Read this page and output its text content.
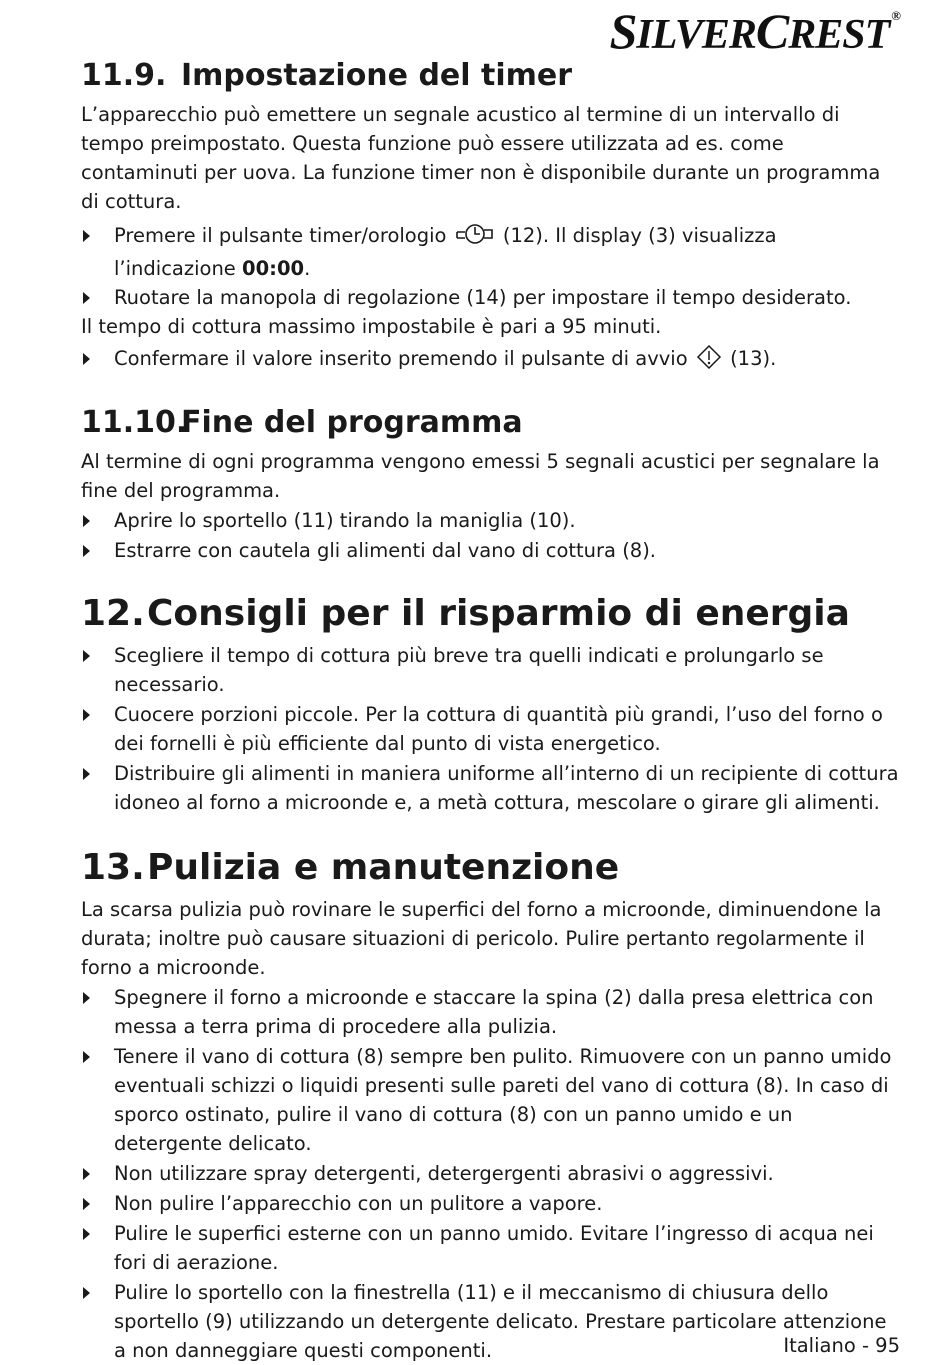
SILVERCREST ®
11.9. Impostazione del timer

L’apparecchio può emettere un segnale acustico al termine di un intervallo di tempo preimpostato. Questa funzione può essere utilizzata ad es. come contaminuti per uova. La funzione timer non è disponibile durante un programma di cottura.

Premere il pulsante timer/orologio	(12). Il display (3) visualizza l’indicazione 00:00.
Ruotare la manopola di regolazione (14) per impostare il tempo desiderato.

Il tempo di cottura massimo impostabile è pari a 95 minuti.

Confermare il valore inserito premendo il pulsante di avvio (13).
11.10.Fine del programma

Al termine di ogni programma vengono emessi 5 segnali acustici per segnalare la fine del programma.

Aprire lo sportello (11) tirando la maniglia (10).
Estrarre con cautela gli alimenti dal vano di cottura (8).
12.Consigli per il risparmio di energia
Scegliere il tempo di cottura più breve tra quelli indicati e prolungarlo se necessario.
Cuocere porzioni piccole. Per la cottura di quantità più grandi, l’uso del forno o dei fornelli è più efficiente dal punto di vista energetico.
Distribuire gli alimenti in maniera uniforme all’interno di un recipiente di cottura idoneo al forno a microonde e, a metà cottura, mescolare o girare gli alimenti.
13.Pulizia e manutenzione

La scarsa pulizia può rovinare le superfici del forno a microonde, diminuendone la durata; inoltre può causare situazioni di pericolo. Pulire pertanto regolarmente il forno a microonde.

Spegnere il forno a microonde e staccare la spina (2) dalla presa elettrica con messa a terra prima di procedere alla pulizia.
Tenere il vano di cottura (8) sempre ben pulito. Rimuovere con un panno umido eventuali schizzi o liquidi presenti sulle pareti del vano di cottura (8). In caso di sporco ostinato, pulire il vano di cottura (8) con un panno umido e un detergente delicato.
Non utilizzare spray detergenti, detergergenti abrasivi o aggressivi.
Non pulire l’apparecchio con un pulitore a vapore.
Pulire le superfici esterne con un panno umido. Evitare l’ingresso di acqua nei fori di aerazione.
Pulire lo sportello con la finestrella (11) e il meccanismo di chiusura dello sportello (9) utilizzando un detergente delicato. Prestare particolare attenzione a non danneggiare questi componenti.	Italiano - 95
